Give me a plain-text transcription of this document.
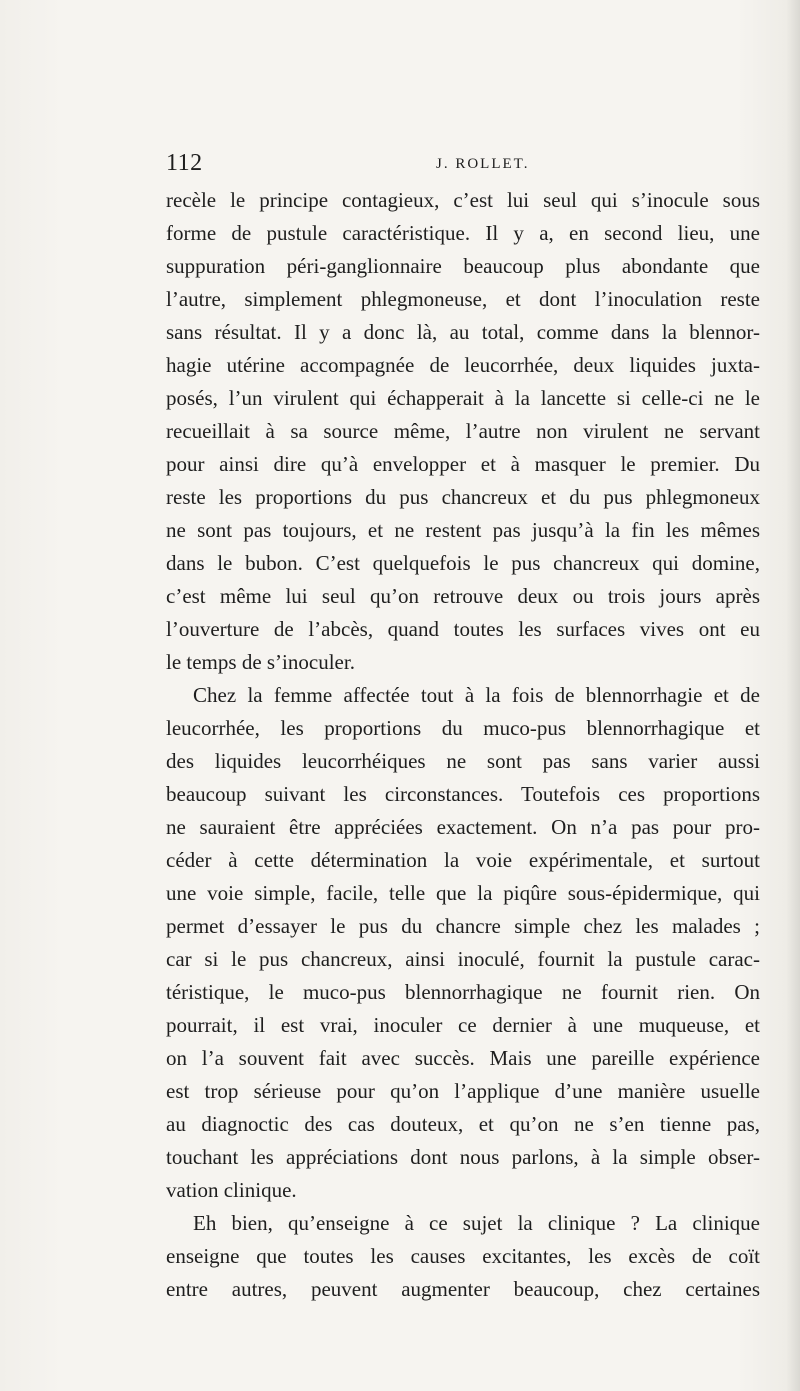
112	J. ROLLET.
recèle le principe contagieux, c’est lui seul qui s’inocule sous
forme de pustule caractéristique. Il y a, en second lieu, une
suppuration péri-ganglionnaire beaucoup plus abondante que
l’autre, simplement phlegmoneuse, et dont l’inoculation reste
sans résultat. Il y a donc là, au total, comme dans la blennor-
hagie utérine accompagnée de leucorrhée, deux liquides juxta-
posés, l’un virulent qui échapperait à la lancette si celle-ci ne le
recueillait à sa source même, l’autre non virulent ne servant
pour ainsi dire qu’à envelopper et à masquer le premier. Du
reste les proportions du pus chancreux et du pus phlegmoneux
ne sont pas toujours, et ne restent pas jusqu’à la fin les mêmes
dans le bubon. C’est quelquefois le pus chancreux qui domine,
c’est même lui seul qu’on retrouve deux ou trois jours après
l’ouverture de l’abcès, quand toutes les surfaces vives ont eu
le temps de s’inoculer.
Chez la femme affectée tout à la fois de blennorrhagie et de
leucorrhée, les proportions du muco-pus blennorrhagique et
des liquides leucorrhéiques ne sont pas sans varier aussi
beaucoup suivant les circonstances. Toutefois ces proportions
ne sauraient être appréciées exactement. On n’a pas pour pro-
céder à cette détermination la voie expérimentale, et surtout
une voie simple, facile, telle que la piqûre sous-épidermique, qui
permet d’essayer le pus du chancre simple chez les malades ;
car si le pus chancreux, ainsi inoculé, fournit la pustule carac-
téristique, le muco-pus blennorrhagique ne fournit rien. On
pourrait, il est vrai, inoculer ce dernier à une muqueuse, et
on l’a souvent fait avec succès. Mais une pareille expérience
est trop sérieuse pour qu’on l’applique d’une manière usuelle
au diagnoctic des cas douteux, et qu’on ne s’en tienne pas,
touchant les appréciations dont nous parlons, à la simple obser-
vation clinique.
Eh bien, qu’enseigne à ce sujet la clinique ? La clinique
enseigne que toutes les causes excitantes, les excès de coït
entre autres, peuvent augmenter beaucoup, chez certaines
